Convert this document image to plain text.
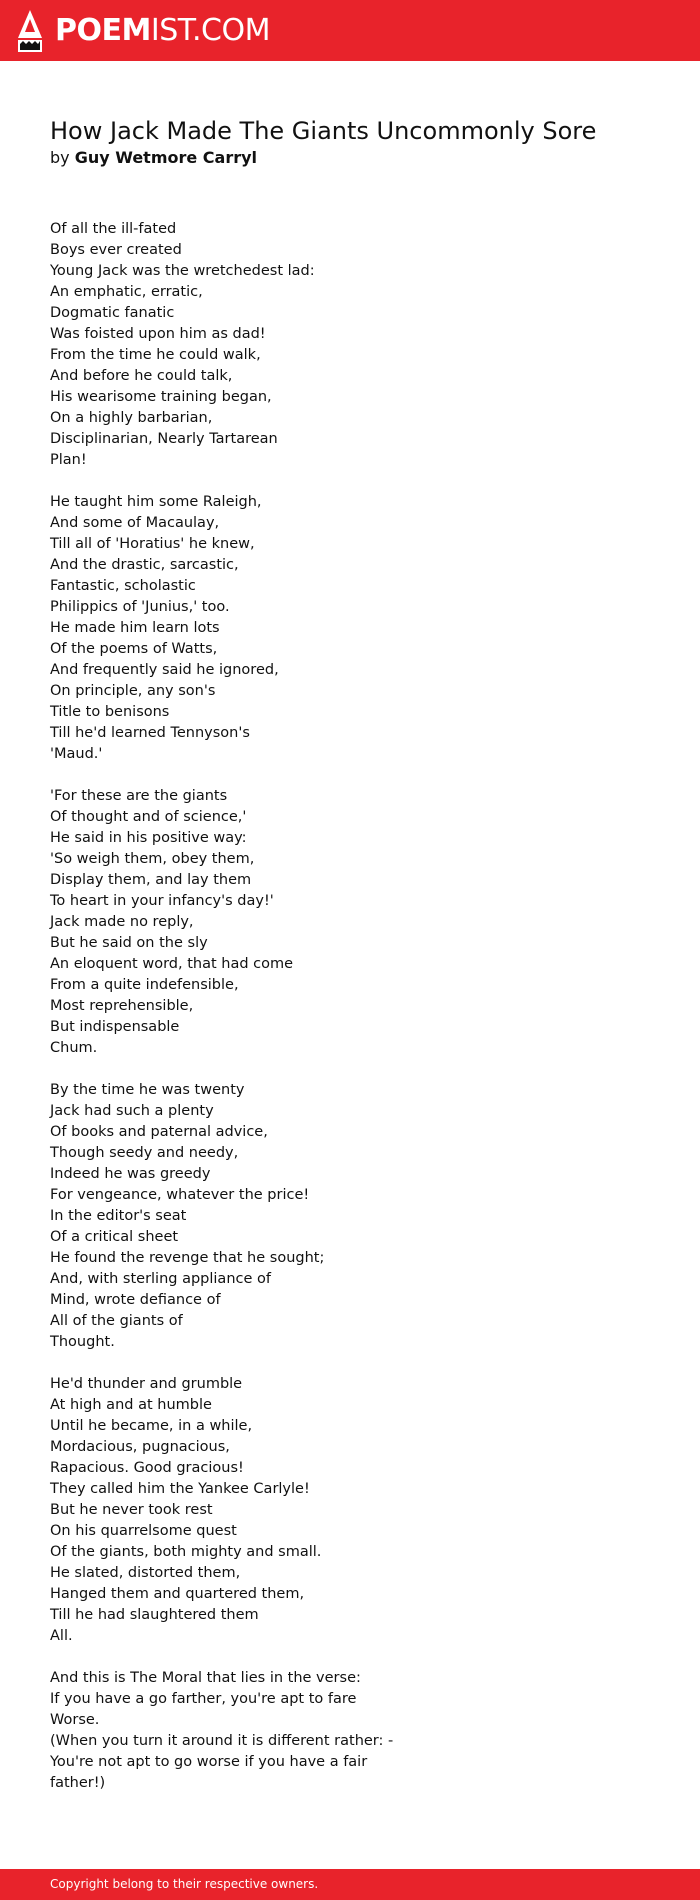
POEMIST.COM
How Jack Made The Giants Uncommonly Sore
by Guy Wetmore Carryl
Of all the ill-fated
Boys ever created
Young Jack was the wretchedest lad:
An emphatic, erratic,
Dogmatic fanatic
Was foisted upon him as dad!
From the time he could walk,
And before he could talk,
His wearisome training began,
On a highly barbarian,
Disciplinarian, Nearly Tartarean
Plan!
He taught him some Raleigh,
And some of Macaulay,
Till all of 'Horatius' he knew,
And the drastic, sarcastic,
Fantastic, scholastic
Philippics of 'Junius,' too.
He made him learn lots
Of the poems of Watts,
And frequently said he ignored,
On principle, any son's
Title to benisons
Till he'd learned Tennyson's
'Maud.'
'For these are the giants
Of thought and of science,'
He said in his positive way:
'So weigh them, obey them,
Display them, and lay them
To heart in your infancy's day!'
Jack made no reply,
But he said on the sly
An eloquent word, that had come
From a quite indefensible,
Most reprehensible,
But indispensable
Chum.
By the time he was twenty
Jack had such a plenty
Of books and paternal advice,
Though seedy and needy,
Indeed he was greedy
For vengeance, whatever the price!
In the editor's seat
Of a critical sheet
He found the revenge that he sought;
And, with sterling appliance of
Mind, wrote defiance of
All of the giants of
Thought.
He'd thunder and grumble
At high and at humble
Until he became, in a while,
Mordacious, pugnacious,
Rapacious. Good gracious!
They called him the Yankee Carlyle!
But he never took rest
On his quarrelsome quest
Of the giants, both mighty and small.
He slated, distorted them,
Hanged them and quartered them,
Till he had slaughtered them
All.
And this is The Moral that lies in the verse:
If you have a go farther, you're apt to fare
Worse.
(When you turn it around it is different rather: -
You're not apt to go worse if you have a fair
father!)
Copyright belong to their respective owners.
